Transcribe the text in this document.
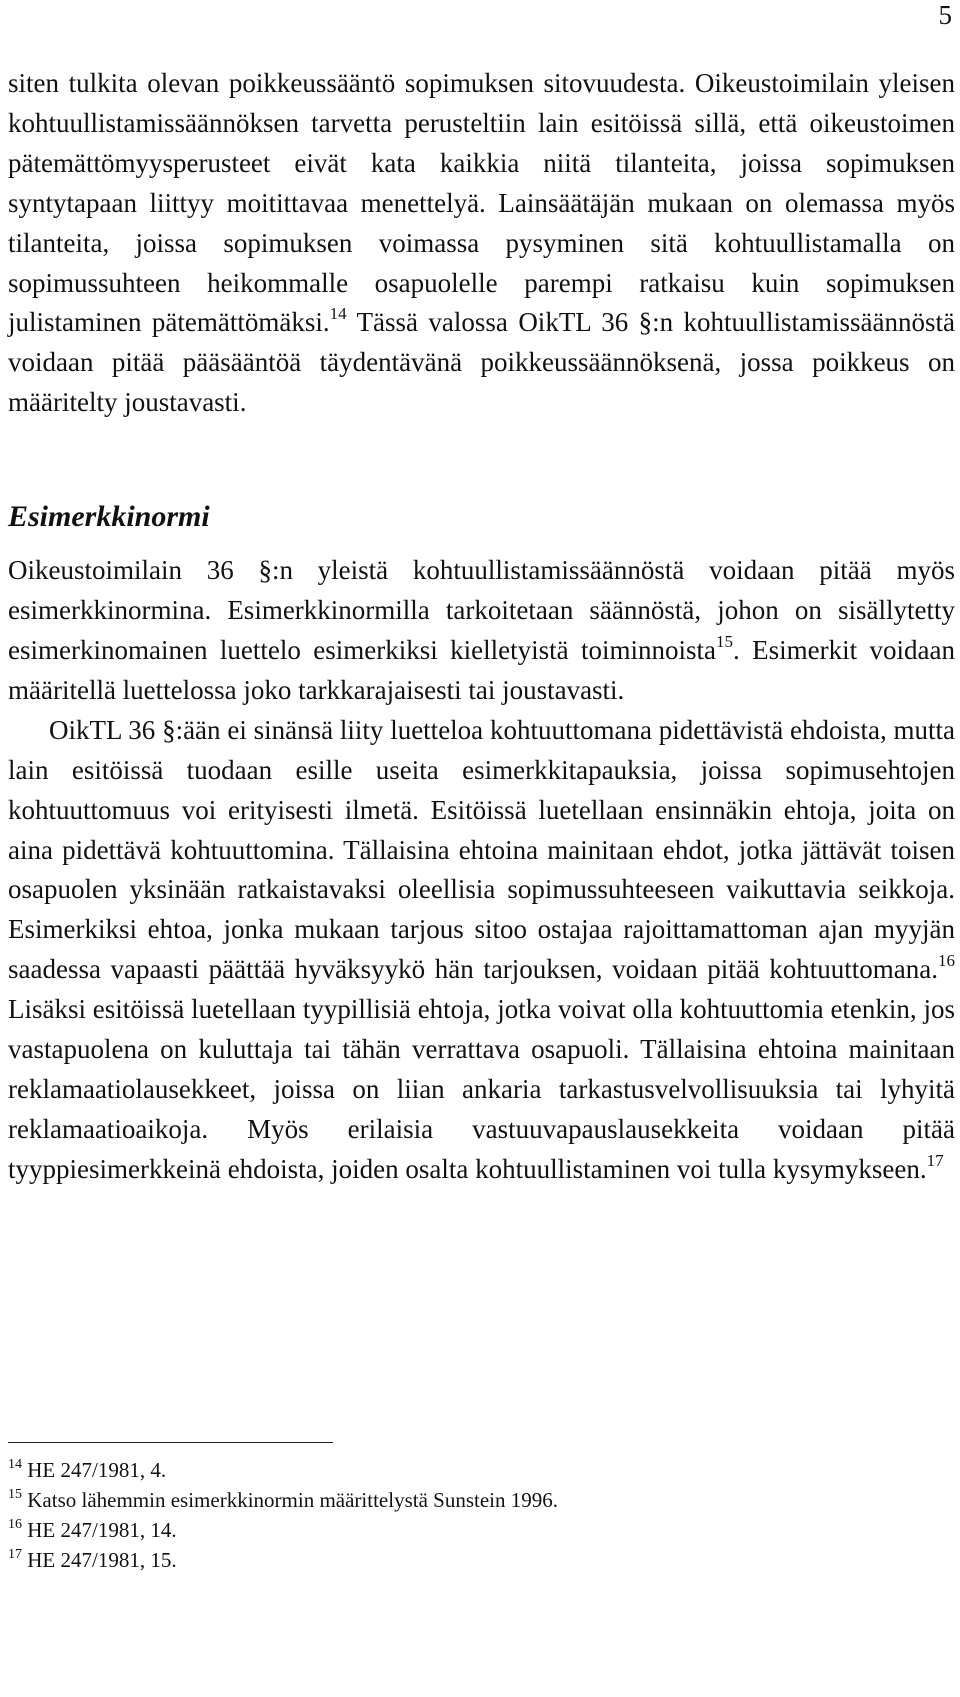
5

siten tulkita olevan poikkeussääntö sopimuksen sitovuudesta. Oikeustoimilain yleisen kohtuullistamissäännöksen tarvetta perusteltiin lain esitöissä sillä, että oikeustoimen pätemättömyysperusteet eivät kata kaikkia niitä tilanteita, joissa sopimuksen syntytapaan liittyy moitittavaa menettelyä. Lainsäätäjän mukaan on olemassa myös tilanteita, joissa sopimuksen voimassa pysyminen sitä kohtuullistamalla on sopimussuhteen heikommalle osapuolelle parempi ratkaisu kuin sopimuksen julistaminen pätemättömäksi.$^{14}$ Tässä valossa OikTL 36 §:n kohtuullistamissäännöstä voidaan pitää pääsääntöä täydentävänä poikkeussäännöksenä, jossa poikkeus on määritelty joustavasti.

Esimerkkinormi

Oikeustoimilain 36 §:n yleistä kohtuullistamissäännöstä voidaan pitää myös esimerkkinormina. Esimerkkinormilla tarkoitetaan säännöstä, johon on sisällytetty esimerkinomainen luettelo esimerkiksi kielletyistä toiminnoista$^{15}$. Esimerkit voidaan määritellä luettelossa joko tarkkarajaisesti tai joustavasti.

OikTL 36 §:ään ei sinänsä liity luetteloa kohtuuttomana pidettävistä ehdoista, mutta lain esitöissä tuodaan esille useita esimerkkitapauksia, joissa sopimusehtojen kohtuuttomuus voi erityisesti ilmetä. Esitöissä luetellaan ensinnäkin ehtoja, joita on aina pidettävä kohtuuttomina. Tällaisina ehtoina mainitaan ehdot, jotka jättävät toisen osapuolen yksinään ratkaistavaksi oleellisia sopimussuhteeseen vaikuttavia seikkoja. Esimerkiksi ehtoa, jonka mukaan tarjous sitoo ostajaa rajoittamattoman ajan myyjän saadessa vapaasti päättää hyväksyykö hän tarjouksen, voidaan pitää kohtuuttomana.$^{16}$ Lisäksi esitöissä luetellaan tyypillisiä ehtoja, jotka voivat olla kohtuuttomia etenkin, jos vastapuolena on kuluttaja tai tähän verrattava osapuoli. Tällaisina ehtoina mainitaan reklamaatiolausekkeet, joissa on liian ankaria tarkastusvelvollisuuksia tai lyhyitä reklamaatioaikoja. Myös erilaisia vastuuvapauslausekkeita voidaan pitää tyyppiesimerkkeinä ehdoista, joiden osalta kohtuullistaminen voi tulla kysymykseen.$^{17}$

$^{14}$ HE 247/1981, 4.
$^{15}$ Katso lähemmin esimerkkinormin määrittelystä Sunstein 1996.
$^{16}$ HE 247/1981, 14.
$^{17}$ HE 247/1981, 15.
